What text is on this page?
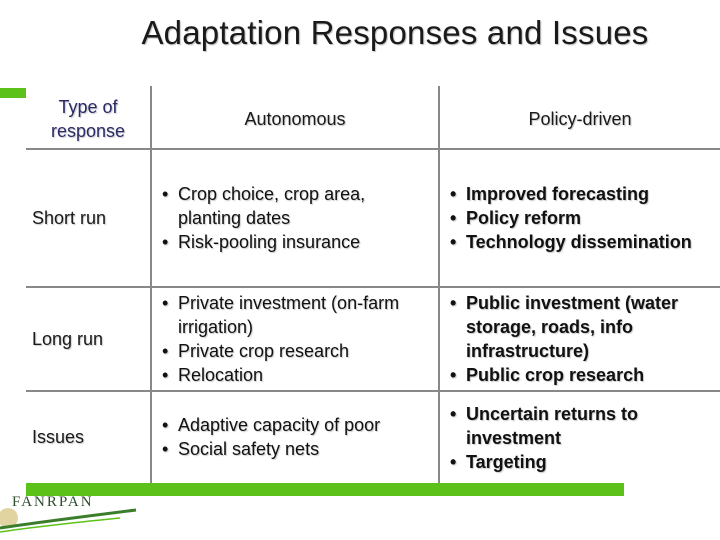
Adaptation Responses and Issues
Type of response
Autonomous	Policy-driven
Short run
• Crop choice, crop area, planting dates
• Risk-pooling insurance
• Improved forecasting
• Policy reform
• Technology dissemination
Long run
• Private investment (on-farm irrigation)
• Private crop research
• Relocation
• Public investment (water storage, roads, info infrastructure)
• Public crop research
Issues
• Adaptive capacity of poor
• Social safety nets
• Uncertain returns to investment
• Targeting
FANRPAN
